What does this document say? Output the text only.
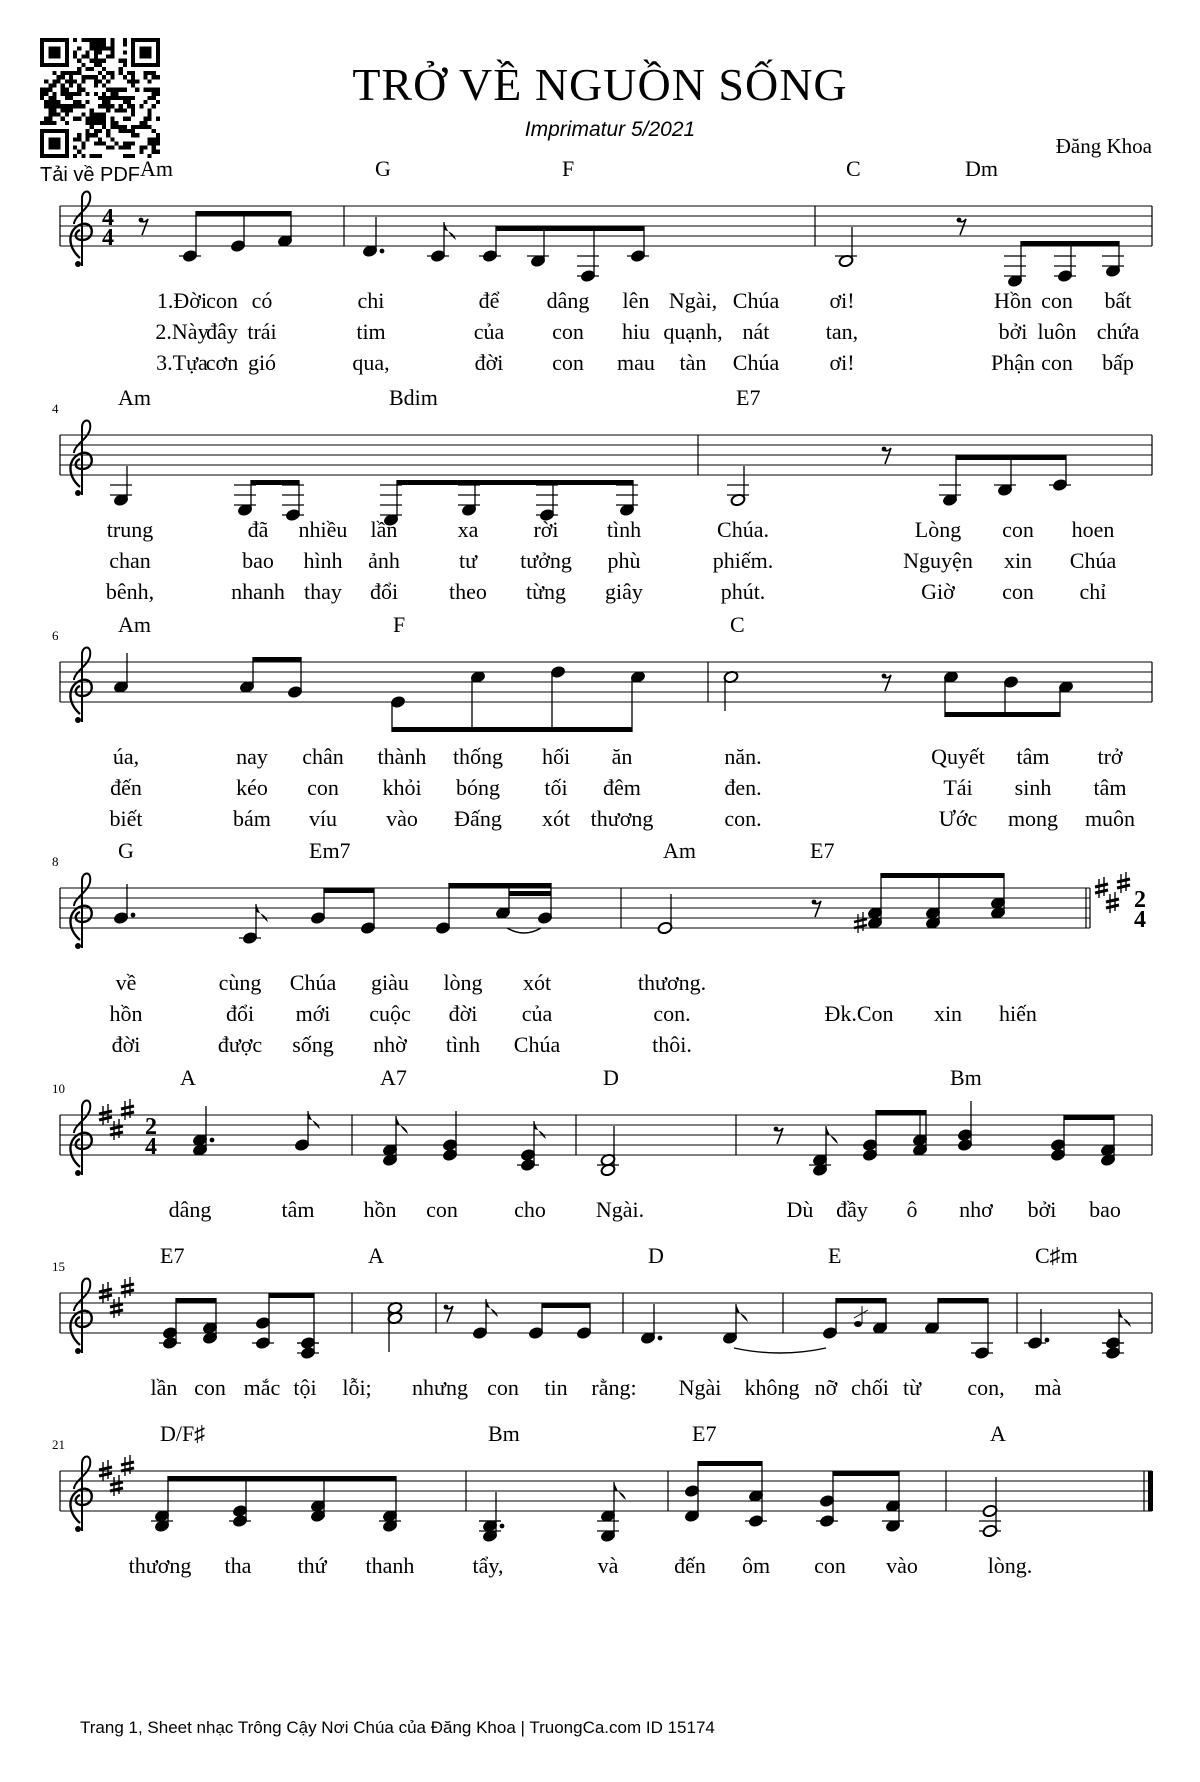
Tải về PDF
TRỞ VỀ NGUỒN SỐNG
Imprimatur 5/2021
Đăng Khoa
4
4
Am	G	F	C	Dm
1.Đời con có	chi	để dâng lên Ngài, Chúa ơi!	Hồn con bất
2.Này
đây trái	tim	của con hiu quạnh, nát	tan,	bởi luôn chứa
3.Tựa
cơn gió	qua,	đời con mau tàn Chúa ơi!	Phận con bấp
4	Am	Bdim	E7
trung	đã nhiều lần	xa	rời tình	Chúa.	Lòng con hoen
chan	bao hình ảnh	tư tưởng phù	phiếm.	Nguyện xin Chúa
bênh,	nhanh thay đổi theo từng giây	phút.	Giờ con chỉ
6	Am	F	C
úa,	nay chân thành thống hối ăn	năn.	Quyết tâm trở
đến	kéo con khỏi bóng tối đêm	đen.	Tái sinh tâm
biết	bám víu vào Đấng xót thương	con.	Ước mong muôn
8
2
4
G	Em7	Am	E7
về	cùng Chúa giàu lòng xót	thương.
hồn	đổi mới cuộc đời của	con.	Đk.Con xin hiến
đời	được sống nhờ tình Chúa	thôi.
2
4
10	A	A7	D	Bm
dâng	tâm hồn con	cho Ngài.	Dù đầy ô nhơ bởi bao
15	E7	A	D	E	C♯m
lần con mắc tội lỗi; nhưng con tin rằng: Ngài không nỡ chối từ con, mà
21	D/F♯	Bm	E7	A
thương tha thứ thanh	tẩy,	và	đến ôm con vào	lòng.
Trang 1, Sheet nhạc Trông Cậy Nơi Chúa của Đăng Khoa | TruongCa.com ID 15174
